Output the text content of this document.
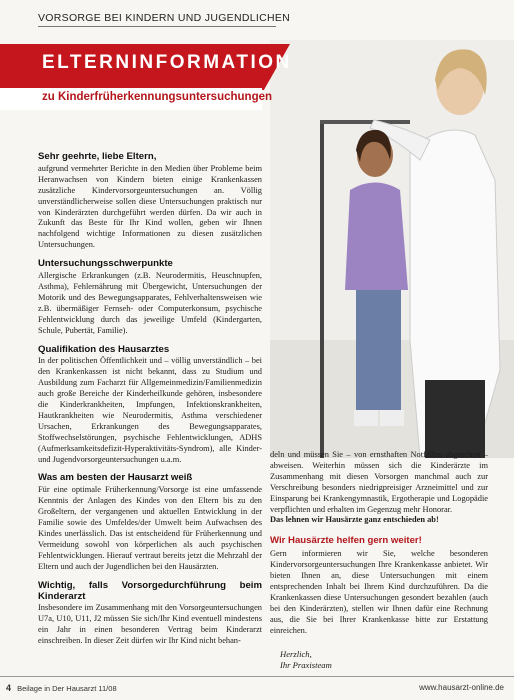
VORSORGE BEI KINDERN UND JUGENDLICHEN
ELTERNINFORMATION
zu Kinderfrüherkennungsuntersuchungen
Sehr geehrte, liebe Eltern,

aufgrund vermehrter Berichte in den Medien über Probleme beim Heranwachsen von Kindern bieten einige Krankenkassen zusätzliche Kindervorsorgeuntersuchungen an. Völlig unverständlicherweise sollen diese Untersuchungen praktisch nur von Kinderärzten durchgeführt werden dürfen. Da wir auch in Zukunft das Beste für Ihr Kind wollen, geben wir Ihnen nachfolgend wichtige Informationen zu diesen zusätzlichen Untersuchungen.

Untersuchungsschwerpunkte

Allergische Erkrankungen (z.B. Neurodermitis, Heuschnupfen, Asthma), Fehlernährung mit Übergewicht, Untersuchungen der Motorik und des Bewegungsapparates, Fehlverhaltensweisen wie z.B. übermäßiger Fernseh- oder Computerkonsum, psychische Fehlentwicklung durch das jeweilige Umfeld (Kindergarten, Schule, Pubertät, Familie).

Qualifikation des Hausarztes

In der politischen Öffentlichkeit und – völlig unverständlich – bei den Krankenkassen ist nicht bekannt, dass zu Studium und Ausbildung zum Facharzt für Allgemeinmedizin/Familienmedizin auch große Bereiche der Kinderheilkunde gehören, insbesondere die Kinderkrankheiten, Impfungen, Infektionskrankheiten, Hautkrankheiten wie Neurodermitis, Asthma verschiedener Ursachen, Erkrankungen des Bewegungsapparates, Stoffwechselstörungen, psychische Fehlentwicklungen, ADHS (Aufmerksamkeitsdefizit-Hyperaktivitäts-Syndrom), alle Kinder- und Jugendvorsorgeuntersuchungen u.a.m.

Was am besten der Hausarzt weiß

Für eine optimale Früherkennung/Vorsorge ist eine umfassende Kenntnis der Anlagen des Kindes von den Eltern bis zu den Großeltern, der vergangenen und aktuellen Entwicklung in der Familie sowie des Umfeldes/der Umwelt beim Aufwachsen des Kindes unerlässlich. Das ist entscheidend für Früherkennung und Vermeidung sowohl von körperlichen als auch psychischen Fehlentwicklungen. Hierauf vertraut bereits jetzt die Mehrzahl der Eltern und auch der Jugendlichen bei den Hausärzten.

Wichtig, falls Vorsorgedurchführung beim Kinderarzt

Insbesondere im Zusammenhang mit den Vorsorgeuntersuchungen U7a, U10, U11, J2 müssen Sie sich/Ihr Kind eventuell mindestens ein Jahr in einen besonderen Vertrag beim Kinderarzt einschreiben. In dieser Zeit dürfen wir Ihr Kind nicht behan-

deln und müssen Sie – von ernsthaften Notfällen abgesehen – abweisen. Weiterhin müssen sich die Kinderärzte im Zusammenhang mit diesen Vorsorgen manchmal auch zur Verschreibung besonders niedrigpreisiger Arzneimittel und zur Einsparung bei Krankengymnastik, Ergotherapie und Logopädie verpflichten und erhalten im Gegenzug mehr Honorar.

Das lehnen wir Hausärzte ganz entschieden ab!

Wir Hausärzte helfen gern weiter!

Gern informieren wir Sie, welche besonderen Kindervorsorgeuntersuchungen Ihre Krankenkasse anbietet. Wir bieten Ihnen an, diese Untersuchungen mit einem entsprechenden Inhalt bei Ihrem Kind durchzuführen. Da die Krankenkassen diese Untersuchungen gesondert bezahlen (auch bei den Kinderärzten), stellen wir Ihnen dafür eine Rechnung aus, die Sie bei Ihrer Krankenkasse bitte zur Erstattung einreichen.

Herzlich,
Ihr Praxisteam
4 Beilage in Der Hausarzt 11/08	www.hausarzt-online.de
